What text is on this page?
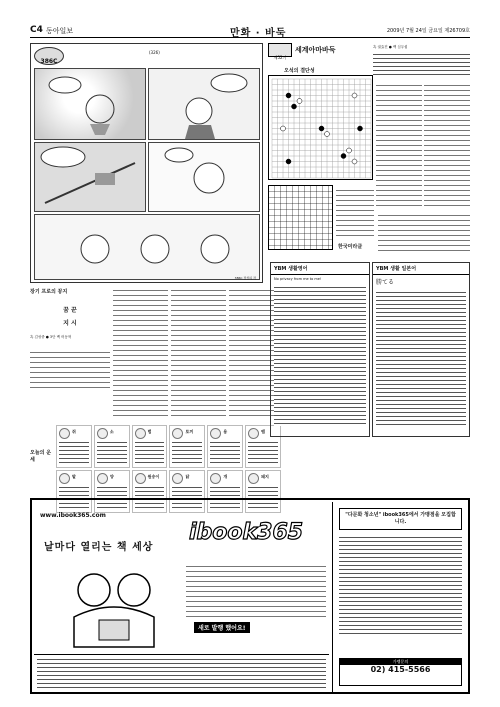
C4 동아일보	만화 · 바둑	2009년 7월 24일 금요일 제26709호
386C
(326)
386C 전상하 작
장기 프로의 꽁지
꿈 꾼
지 시
흑 김성중 ● 3단 백 어동혁
오늘의 운세
쥐	소	범	토끼	용	뱀
말	양	원숭이	닭	개	돼지
제52기
세계아마바둑	흑 권효진 ● 백 심우섭
오석의 결단성
한국미라클
YBM 생활영어
No privacy from me to me!
YBM 생활 일본어
勝てる
www.ibook365.com
날마다 열리는 책 세상
ibook365
새로 발행 했어요!
"다문화 청소년" ibook365에서 가맹점을 모집합니다.
가맹문의
02) 415-5566
